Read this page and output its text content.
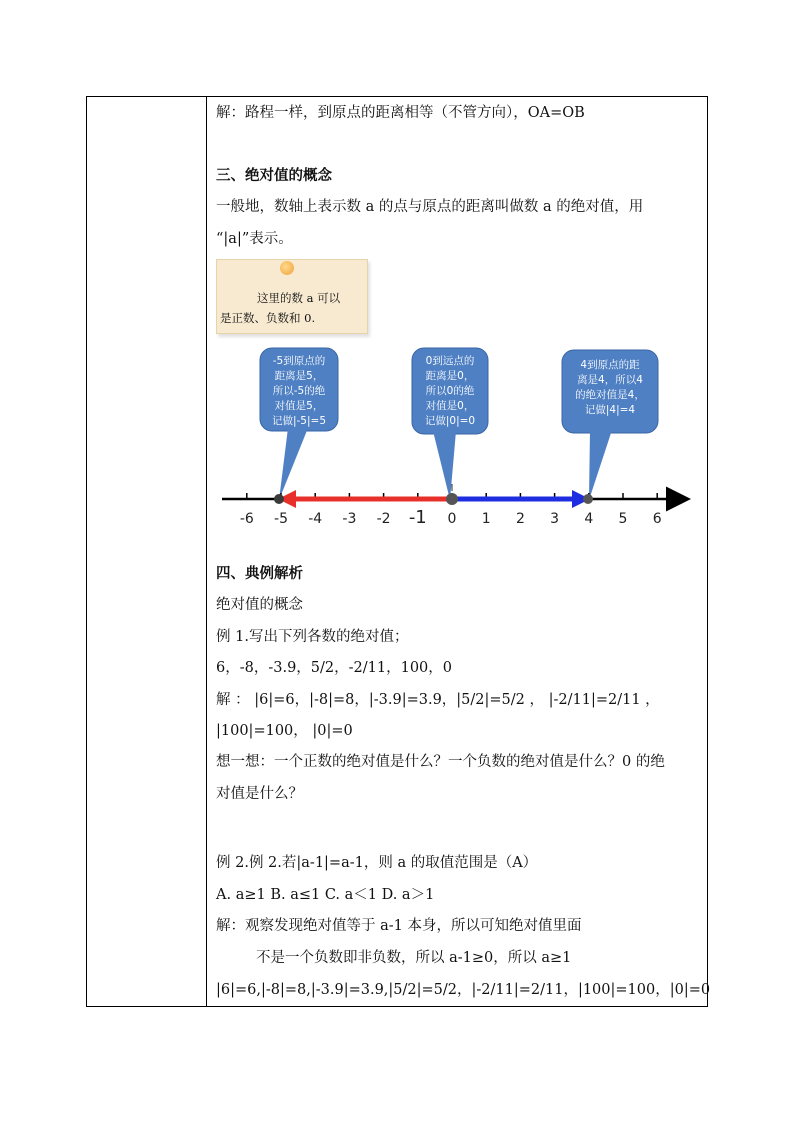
解：路程一样，到原点的距离相等（不管方向），OA=OB
三、绝对值的概念
一般地，数轴上表示数 a 的点与原点的距离叫做数 a 的绝对值，用
“|a|”表示。
四、典例解析
绝对值的概念
例 1.写出下列各数的绝对值；
6，-8，-3.9，5/2，-2/11，100，0
解 ： |6|=6，|-8|=8，|-3.9|=3.9，|5/2|=5/2 ， |-2/11|=2/11 ，
|100|=100， |0|=0
想一想：一个正数的绝对值是什么？一个负数的绝对值是什么？0 的绝
对值是什么？
例 2.例 2.若|a-1|=a-1，则 a 的取值范围是（A）
A. a≥1 B. a≤1 C. a＜1 D. a＞1
解：观察发现绝对值等于 a-1 本身，所以可知绝对值里面
不是一个负数即非负数，所以 a-1≥0，所以 a≥1
|6|=6,|-8|=8,|-3.9|=3.9,|5/2|=5/2，|-2/11|=2/11，|100|=100，|0|=0
这里的数 a 可以
是正数、负数和 0.
-5到原点的
距离是5，
所以-5的绝
对值是5，
记做|-5|=5
0到远点的
距离是0，
所以0的绝
对值是0，
记做|0|=0
4到原点的距
离是4，所以4
的绝对值是4，
记做|4|=4
-6 -5 -4 -3 -2 -1 0 1 2 3 4 5 6
I
